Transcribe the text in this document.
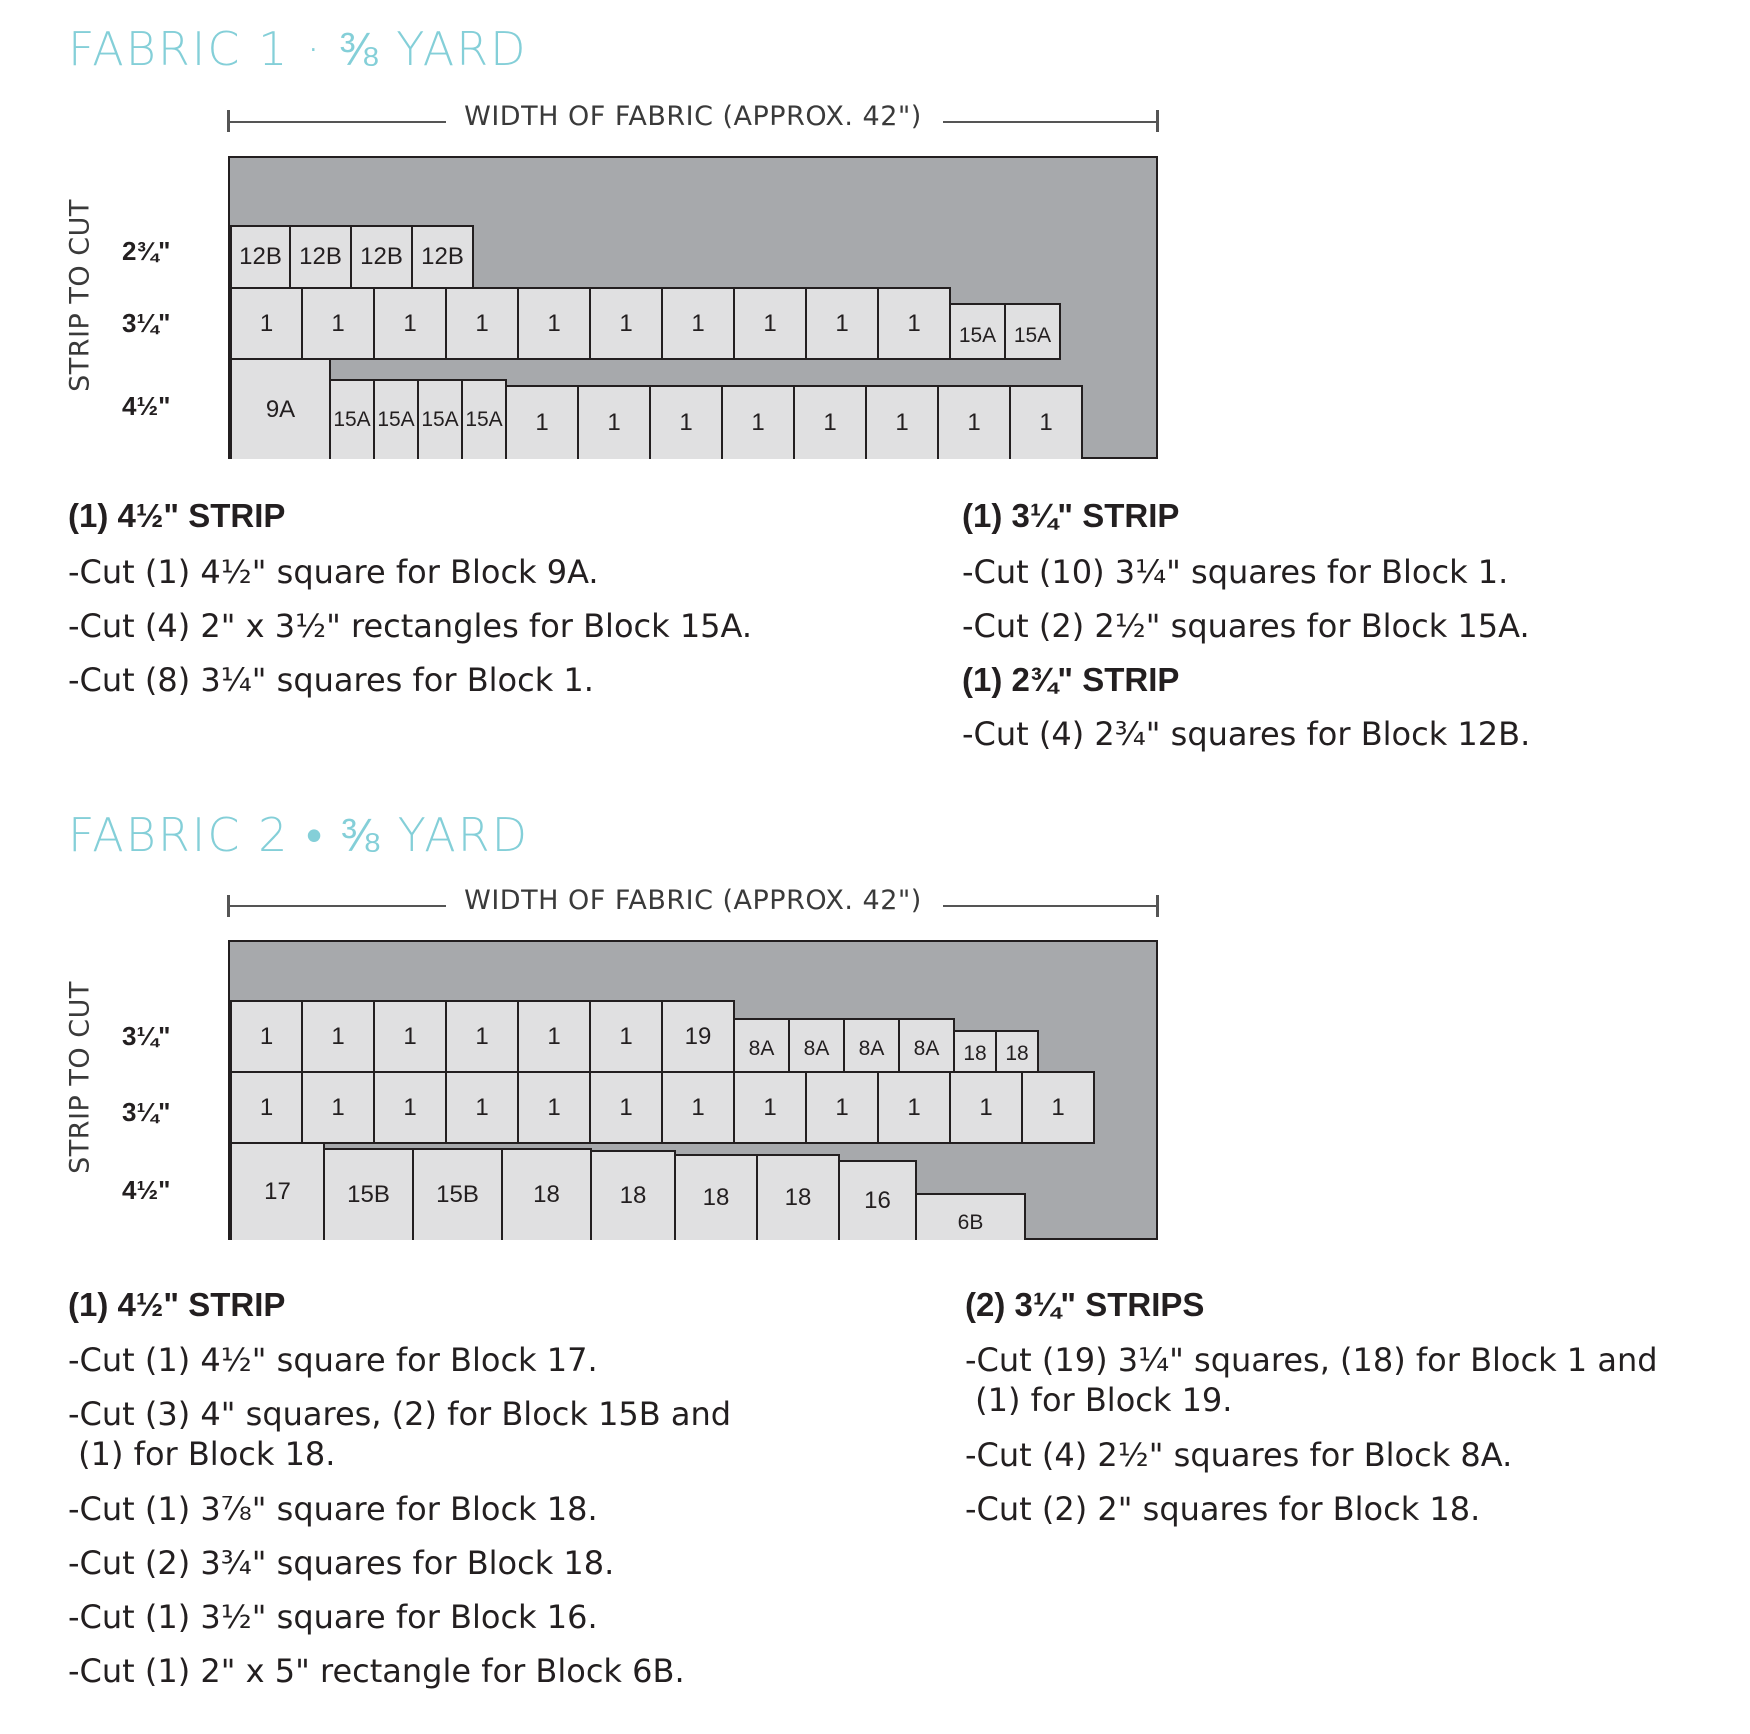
FABRIC 1 · ⅜ YARD
WIDTH OF FABRIC (APPROX. 42")
STRIP TO CUT 2¾"
3¼"
4½"
12B 12B 12B 12B
1	1	1	1	1	1	1	1	1	1	15A 15A
9A	15A 15A 15A 15A	1	1	1	1	1	1	1	1
(1) 4½" STRIP
-Cut (1) 4½" square for Block 9A.
-Cut (4) 2" x 3½" rectangles for Block 15A.
-Cut (8) 3¼" squares for Block 1.
(1) 3¼" STRIP
-Cut (10) 3¼" squares for Block 1.
-Cut (2) 2½" squares for Block 15A.
(1) 2¾" STRIP
-Cut (4) 2¾" squares for Block 12B.
FABRIC 2 • ⅜ YARD
WIDTH OF FABRIC (APPROX. 42")
STRIP TO CUT 3¼"
3¼"
4½"
1	1	1	1	1	1	19	8A	8A	8A	8A	18 18
1	1	1	1	1	1	1	1	1	1	1	1
17	15B	15B	18	18	18	18	16
6B
(1) 4½" STRIP
-Cut (1) 4½" square for Block 17.
-Cut (3) 4" squares, (2) for Block 15B and
(1) for Block 18.
-Cut (1) 3⅞" square for Block 18.
-Cut (2) 3¾" squares for Block 18.
-Cut (1) 3½" square for Block 16.
-Cut (1) 2" x 5" rectangle for Block 6B.
(2) 3¼" STRIPS
-Cut (19) 3¼" squares, (18) for Block 1 and
(1) for Block 19.
-Cut (4) 2½" squares for Block 8A.
-Cut (2) 2" squares for Block 18.
